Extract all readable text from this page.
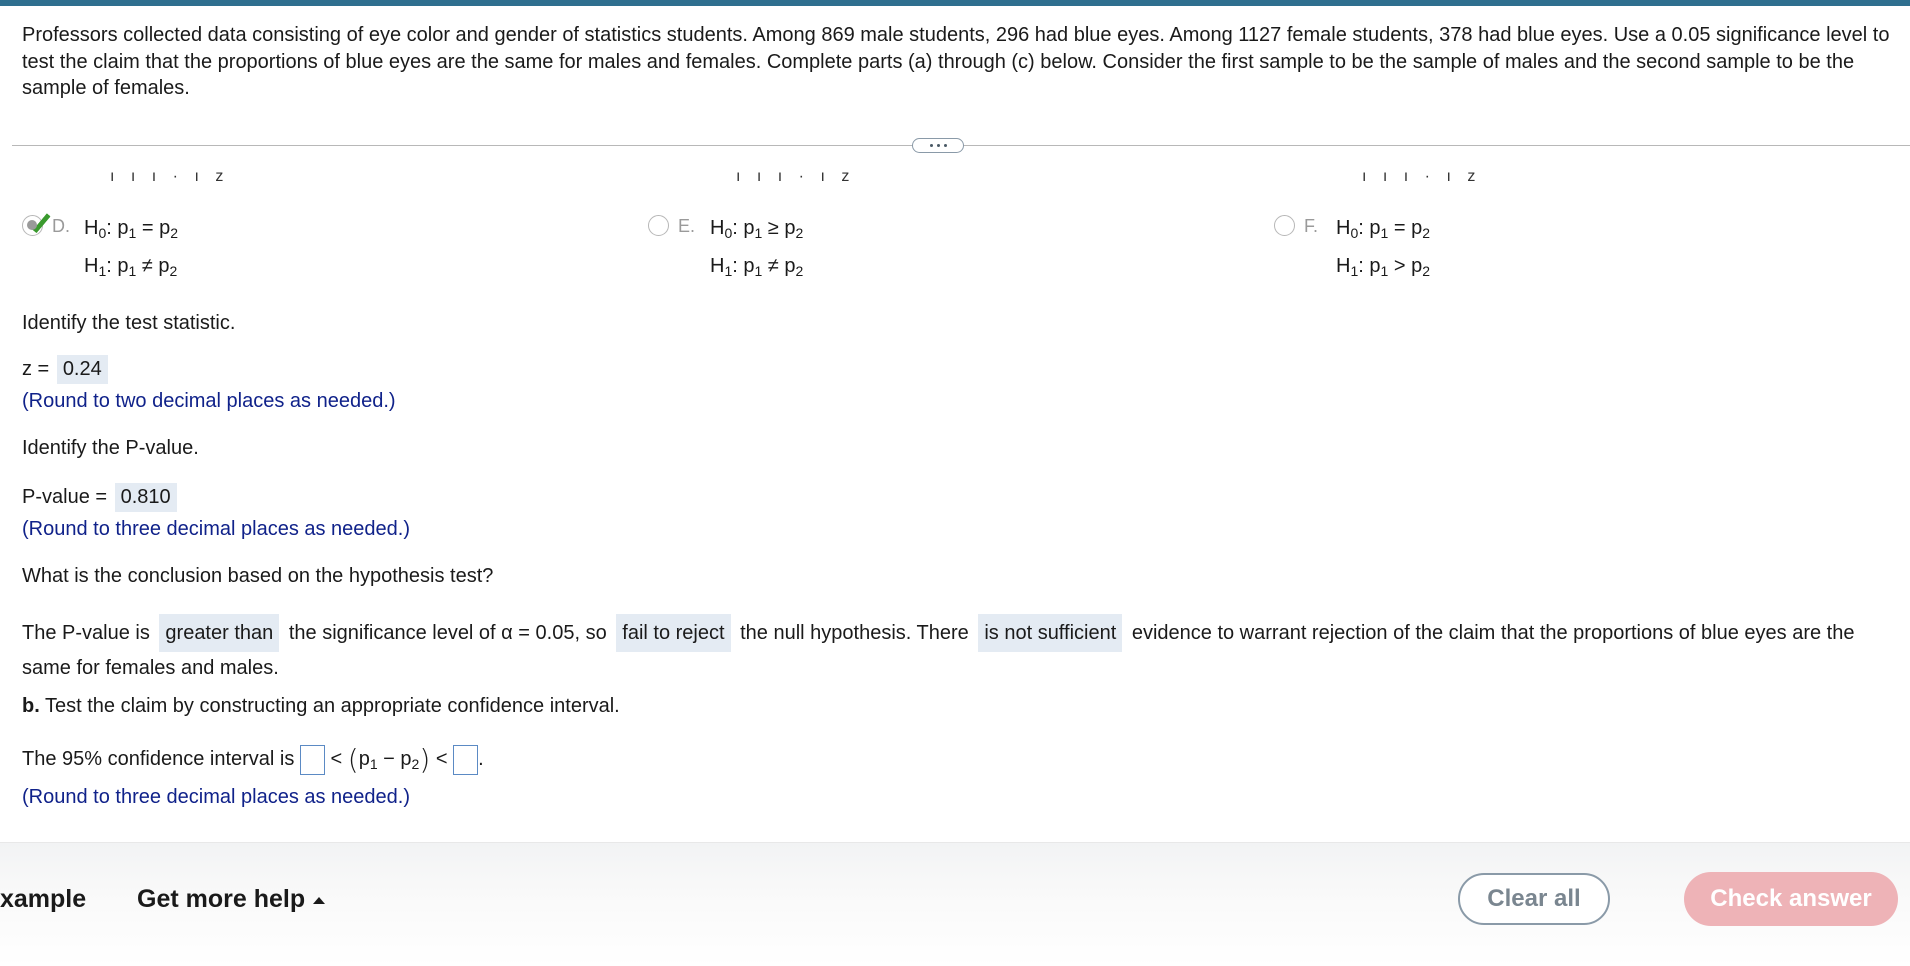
Professors collected data consisting of eye color and gender of statistics students. Among 869 male students, 296 had blue eyes. Among 1127 female students, 378 had blue eyes. Use a 0.05 significance level to test the claim that the proportions of blue eyes are the same for males and females. Complete parts (a) through (c) below. Consider the first sample to be the sample of males and the second sample to be the sample of females.

ı ı ı · ı z	ı ı ı · ı z	ı ı ı · ı z
D. $H_0$: $p_1 = p_2$
$H_1$: $p_1 \ne p_2$
E. $H_0$: $p_1 \ge p_2$
$H_1$: $p_1 \ne p_2$
F. $H_0$: $p_1 = p_2$
$H_1$: $p_1 > p_2$
Identify the test statistic.
z = 0.24
(Round to two decimal places as needed.)
Identify the P-value.
P-value = 0.810
(Round to three decimal places as needed.)
What is the conclusion based on the hypothesis test?

The P-value is greater than the significance level of α = 0.05, so fail to reject the null hypothesis. There is not sufficient evidence to warrant rejection of the claim that the proportions of blue eyes are the same for females and males.

b. Test the claim by constructing an appropriate confidence interval.
The 95% confidence interval is < $(p_1 - p_2)$ < .
(Round to three decimal places as needed.)
xample Get more help	Clear all	Check answer
